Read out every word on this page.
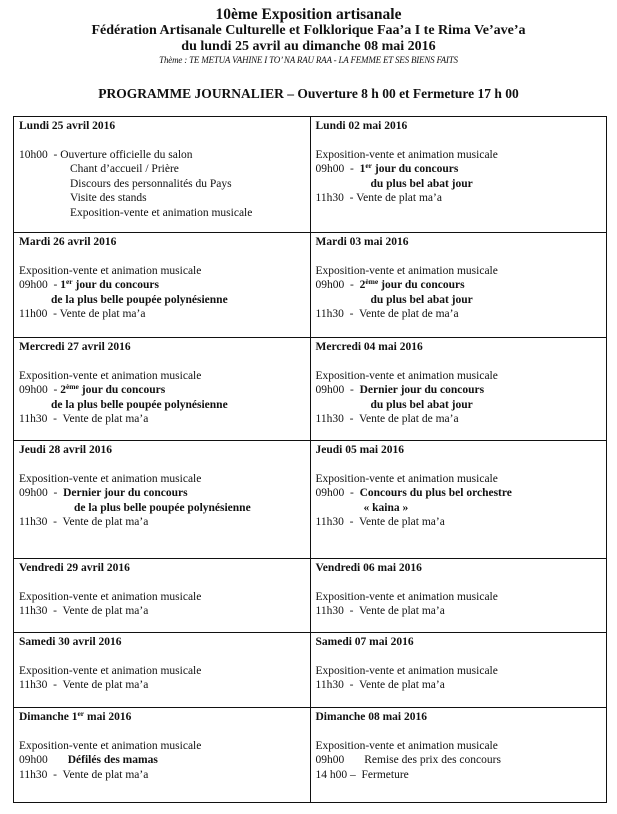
10ème Exposition artisanale
Fédération Artisanale Culturelle et Folklorique Faa’a I te Rima Ve’ave’a
du lundi 25 avril au dimanche 08 mai 2016
Thème : TE METUA VAHINE I TO’ NA RAU RAA - LA FEMME ET SES BIENS FAITS
PROGRAMME JOURNALIER – Ouverture 8 h 00 et Fermeture 17 h 00
Lundi 25 avril 2016
10h00  - Ouverture officielle du salon
Chant d’accueil / Prière
Discours des personnalités du Pays
Visite des stands
Exposition-vente et animation musicale

Lundi 02 mai 2016
Exposition-vente et animation musicale
09h00  -  1er jour du concours
du plus bel abat jour
11h30  - Vente de plat ma’a

Mardi 26 avril 2016
Exposition-vente et animation musicale
09h00  - 1er jour du concours
de la plus belle poupée polynésienne
11h00  - Vente de plat ma’a

Mardi 03 mai 2016
Exposition-vente et animation musicale
09h00  -  2ème jour du concours
du plus bel abat jour
11h30  -  Vente de plat de ma’a

Mercredi 27 avril 2016
Exposition-vente et animation musicale
09h00  - 2ème jour du concours
de la plus belle poupée polynésienne
11h30  -  Vente de plat ma’a

Mercredi 04 mai 2016
Exposition-vente et animation musicale
09h00  -  Dernier jour du concours
du plus bel abat jour
11h30  -  Vente de plat de ma’a

Jeudi 28 avril 2016
Exposition-vente et animation musicale
09h00  -  Dernier jour du concours
de la plus belle poupée polynésienne
11h30  -  Vente de plat ma’a

Jeudi 05 mai 2016
Exposition-vente et animation musicale
09h00  -  Concours du plus bel orchestre
« kaina »
11h30  -  Vente de plat ma’a

Vendredi 29 avril 2016
Exposition-vente et animation musicale
11h30  -  Vente de plat ma’a

Vendredi 06 mai 2016
Exposition-vente et animation musicale
11h30  -  Vente de plat ma’a

Samedi 30 avril 2016
Exposition-vente et animation musicale
11h30  -  Vente de plat ma’a

Samedi 07 mai 2016
Exposition-vente et animation musicale
11h30  -  Vente de plat ma’a

Dimanche 1er mai 2016
Exposition-vente et animation musicale
09h00 Défilés des mamas
11h30  -  Vente de plat ma’a

Dimanche 08 mai 2016
Exposition-vente et animation musicale
09h00 Remise des prix des concours
14 h00 –  Fermeture
